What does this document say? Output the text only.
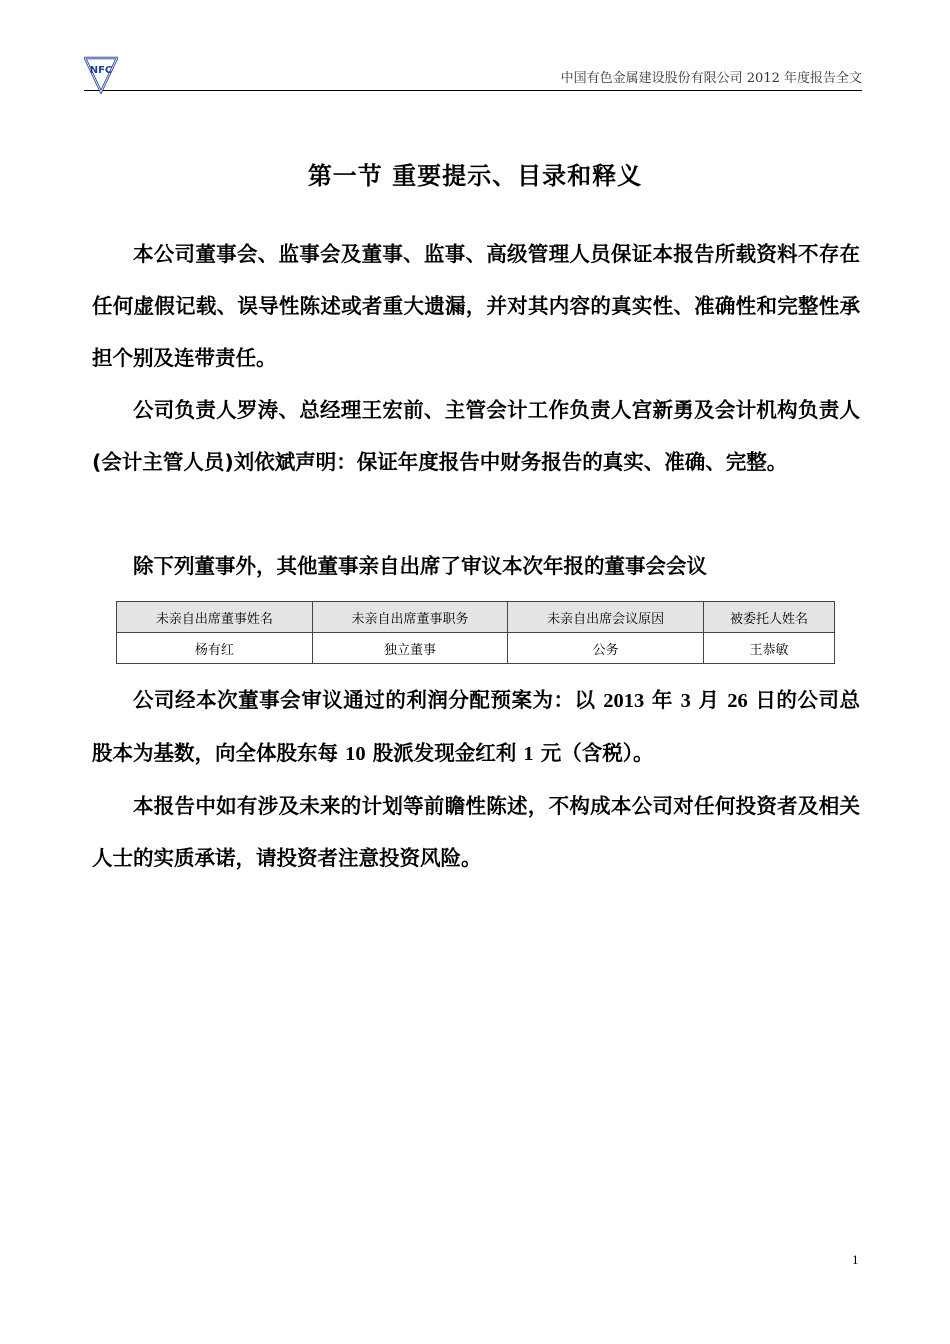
NFC
中国有色金属建设股份有限公司 2012 年度报告全文
第一节 重要提示、目录和释义

本公司董事会、监事会及董事、监事、高级管理人员保证本报告所载资料不存在任何虚假记载、误导性陈述或者重大遗漏，并对其内容的真实性、准确性和完整性承担个别及连带责任。

公司负责人罗涛、总经理王宏前、主管会计工作负责人宫新勇及会计机构负责人(会计主管人员)刘依斌声明：保证年度报告中财务报告的真实、准确、完整。

除下列董事外，其他董事亲自出席了审议本次年报的董事会会议

未亲自出席董事姓名	未亲自出席董事职务	未亲自出席会议原因	被委托人姓名
杨有红	独立董事	公务	王恭敏

公司经本次董事会审议通过的利润分配预案为：以 2013 年 3 月 26 日的公司总股本为基数，向全体股东每 10 股派发现金红利 1 元（含税）。

本报告中如有涉及未来的计划等前瞻性陈述，不构成本公司对任何投资者及相关人士的实质承诺，请投资者注意投资风险。

1
